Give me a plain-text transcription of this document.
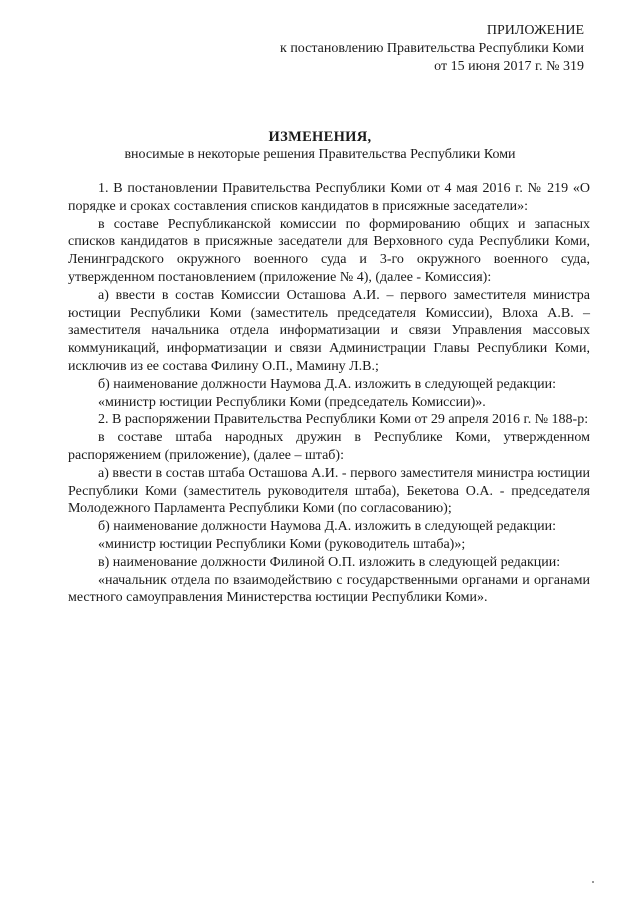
ПРИЛОЖЕНИЕ
к постановлению Правительства Республики Коми
от 15 июня 2017 г. № 319
ИЗМЕНЕНИЯ,
вносимые в некоторые решения Правительства Республики Коми

1. В постановлении Правительства Республики Коми от 4 мая 2016 г. № 219 «О порядке и сроках составления списков кандидатов в присяжные заседатели»:

в составе Республиканской комиссии по формированию общих и запасных списков кандидатов в присяжные заседатели для Верховного суда Республики Коми, Ленинградского окружного военного суда и 3-го окружного военного суда, утвержденном постановлением (приложение № 4), (далее - Комиссия):

а) ввести в состав Комиссии Осташова А.И. – первого заместителя министра юстиции Республики Коми (заместитель председателя Комиссии), Влоха А.В. – заместителя начальника отдела информатизации и связи Управления массовых коммуникаций, информатизации и связи Администрации Главы Республики Коми, исключив из ее состава Филину О.П., Мамину Л.В.;

б) наименование должности Наумова Д.А. изложить в следующей редакции:

«министр юстиции Республики Коми (председатель Комиссии)».

2. В распоряжении Правительства Республики Коми от 29 апреля 2016 г. № 188-р:

в составе штаба народных дружин в Республике Коми, утвержденном распоряжением (приложение), (далее – штаб):

а) ввести в состав штаба Осташова А.И. - первого заместителя министра юстиции Республики Коми (заместитель руководителя штаба), Бекетова О.А. - председателя Молодежного Парламента Республики Коми (по согласованию);

б) наименование должности Наумова Д.А. изложить в следующей редакции:

«министр юстиции Республики Коми (руководитель штаба)»;

в) наименование должности Филиной О.П. изложить в следующей редакции:

«начальник отдела по взаимодействию с государственными органами и органами местного самоуправления Министерства юстиции Республики Коми».
